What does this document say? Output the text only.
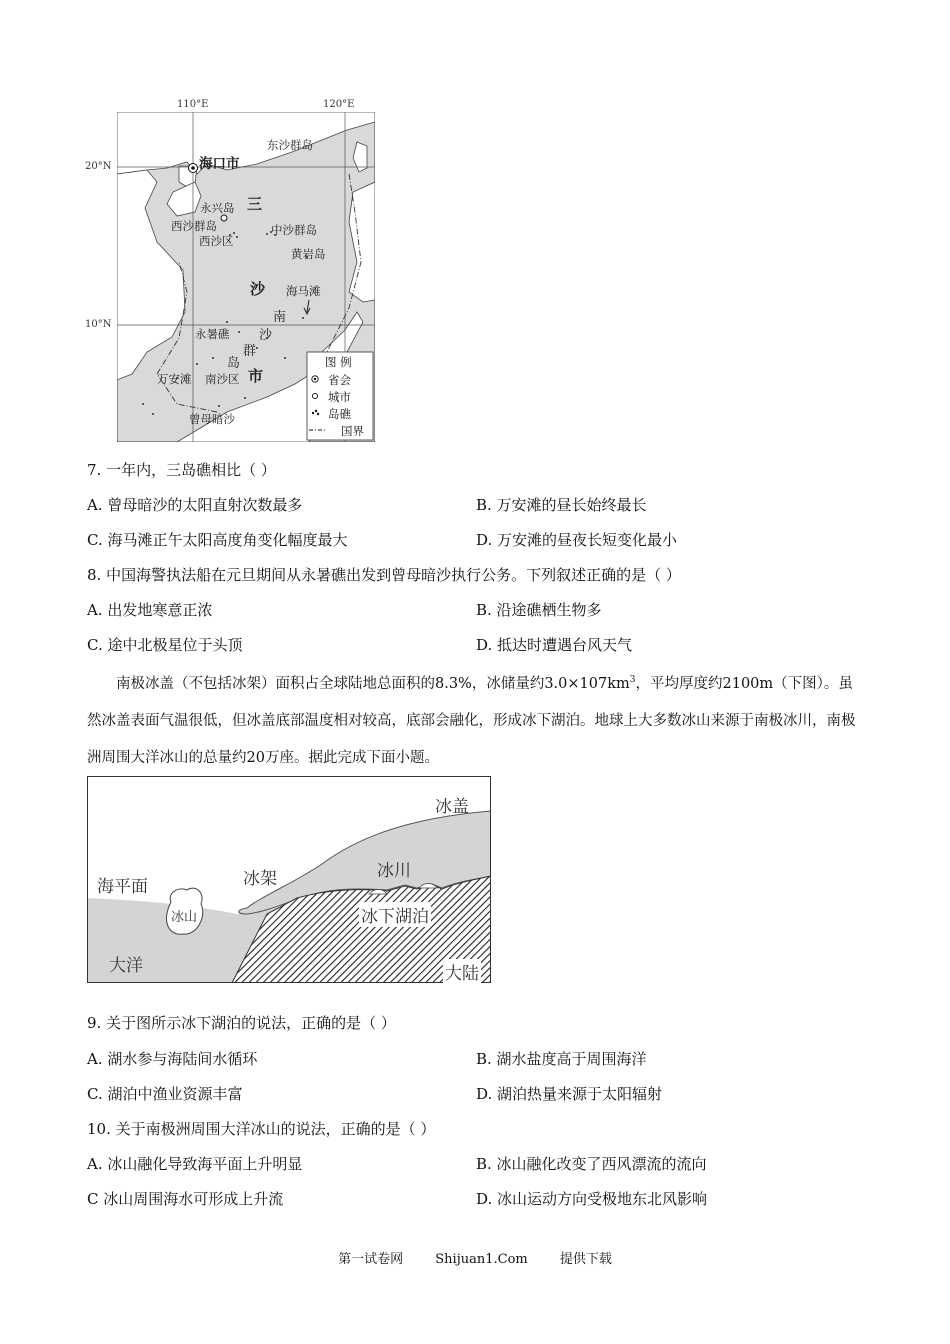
110°E	120°E
20°N
10°N
海口市
东沙群岛
永兴岛
西沙群岛
西沙区
中沙群岛
黄岩岛
海马滩
永暑礁
万安滩 南沙区
曾母暗沙
三
沙
市
南
沙
群
岛	图 例
省会
城市
岛礁
国界
7. 一年内，三岛礁相比（ ）
A. 曾母暗沙的太阳直射次数最多	B. 万安滩的昼长始终最长
C. 海马滩正午太阳高度角变化幅度最大	D. 万安滩的昼夜长短变化最小
8. 中国海警执法船在元旦期间从永暑礁出发到曾母暗沙执行公务。下列叙述正确的是（ ）
A. 出发地寒意正浓	B. 沿途礁栖生物多
C. 途中北极星位于头顶	D. 抵达时遭遇台风天气

南极冰盖（不包括冰架）面积占全球陆地总面积的8.3%，冰储量约$3.0\times 107km^3$，平均厚度约2100m（下图）。虽然冰盖表面气温很低，但冰盖底部温度相对较高，底部会融化，形成冰下湖泊。地球上大多数冰山来源于南极冰川，南极洲周围大洋冰山的总量约20万座。据此完成下面小题。

冰盖
海平面	冰架	冰川
冰山	冰下湖泊
大洋	大陆
9. 关于图所示冰下湖泊的说法，正确的是（ ）
A. 湖水参与海陆间水循环	B. 湖水盐度高于周围海洋
C. 湖泊中渔业资源丰富	D. 湖泊热量来源于太阳辐射
10. 关于南极洲周围大洋冰山的说法，正确的是（ ）
A. 冰山融化导致海平面上升明显	B. 冰山融化改变了西风漂流的流向
C 冰山周围海水可形成上升流	D. 冰山运动方向受极地东北风影响
第一试卷网 Shijuan1.Com 提供下载
